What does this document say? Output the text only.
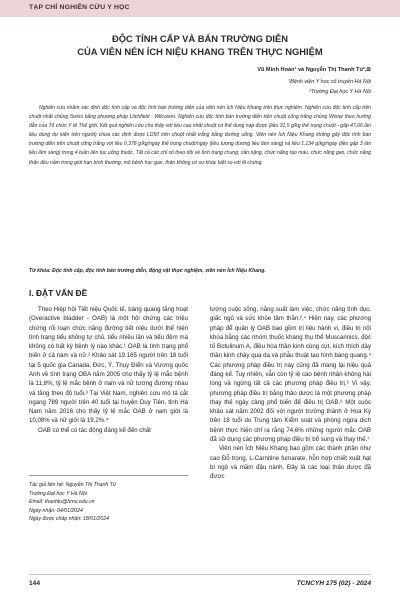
TẠP CHÍ NGHIÊN CỨU Y HỌC
ĐỘC TÍNH CẤP VÀ BÁN TRƯỜNG DIỄN
CỦA VIÊN NÉN ÍCH NIỆU KHANG TRÊN THỰC NGHIỆM
Vũ Minh Hoàn¹ và Nguyễn Thị Thanh Tú²,⊠
¹Bệnh viện Y học cổ truyền Hà Nội
²Trường Đại học Y Hà Nội

Nghiên cứu nhằm xác định độc tính cấp và độc tính bán trường diễn của viên nén Ích Niệu Khang trên thực nghiệm. Nghiên cứu độc tính cấp trên chuột nhắt chủng Swiss bằng phương pháp Litchfield - Wilcoxon. Nghiên cứu độc tính bán trường diễn trên chuột cống trắng chủng Wistar theo hướng dẫn của Tổ chức Y tế Thế giới. Kết quả nghiên cứu cho thấy với liều cao nhất chuột có thể dung nạp được (liều 31,5 g/kg thể trọng chuột - gấp 47,66 lần liều dùng dự kiến trên người) chưa xác định được LD50 trên chuột nhắt trắng bằng đường uống. Viên nén Ích Niệu Khang không gây độc tính bán trường diễn trên chuột cống trắng với liều 0,378 g/kg/ngày thể trọng chuột/ngày (liều tương đương liều lâm sàng) và liều 1,134 g/kg/ngày (liều gấp 3 lần liều lâm sàng) trong 4 tuần liên tục uống thuốc. Tất cả các chỉ số theo dõi về tình trạng chung, cân nặng, chức năng tạo máu, chức năng gan, chức năng thận đều nằm trong giới hạn bình thường, mô bệnh học gan, thận không có sự khác biệt so với lô chứng.

Từ khóa: Độc tính cấp, độc tính bán trường diễn, động vật thực nghiệm, viên nén Ích Niệu Khang.

I. ĐẶT VẤN ĐỀ

Theo Hiệp hội Tiết niệu Quốc tế, bàng quang tăng hoạt (Overactive bladder - OAB) là một hội chứng các triệu chứng rối loạn chức năng đường tiết niệu dưới thể hiện tình trạng tiểu không tự chủ, tiểu nhiều lần và tiểu đêm mà không có bất kỳ bệnh lý nào khác.¹ OAB là tình trạng phổ biến ở cả nam và nữ.² Khảo sát 19.165 người trên 18 tuổi tại 5 quốc gia Canada, Đức, Ý, Thụy Điển và Vương quốc Anh về tình trạng OBA năm 2005 cho thấy tỷ lệ mắc bệnh là 11,8%, tỷ lệ mắc bệnh ở nam và nữ tương đương nhau và tăng theo độ tuổi.³ Tại Việt Nam, nghiên cứu mô tả cắt ngang 789 người trên 40 tuổi tại huyện Duy Tiên, tỉnh Hà Nam năm 2016 cho thấy tỷ lệ mắc OAB ở nam giới là 10,08% và nữ giới là 19,2%.⁴

OAB có thể có tác động đáng kể đến chất

Tác giả liên hệ: Nguyễn Thị Thanh Tú
Trường Đại học Y Hà Nội
Email: thanhtu@hmu.edu.vn
Ngày nhận: 04/01/2024
Ngày được chấp nhận: 18/01/2024

lượng cuộc sống, năng suất làm việc, chức năng tình dục, giấc ngủ và sức khỏe tâm thần.²,⁴ Hiện nay, các phương pháp để quản lý OAB bao gồm trị liệu hành vi, điều trị nội khoa bằng các nhóm thuốc kháng thụ thể Muscarinics, độc tố Botulinum A, điều hòa thần kinh cùng cụt, kích thích dây thần kinh chày qua da và phẫu thuật tạo hình bàng quang.⁵ Các phương pháp điều trị này cũng đã mang lại hiệu quả đáng kể. Tuy nhiên, vẫn còn tỷ lệ cao bệnh nhân không hài lòng và ngừng tất cả các phương pháp điều trị.⁶ Vì vậy, phương pháp điều trị bằng thảo dược là một phương pháp thay thế ngày càng phổ biến để điều trị OAB.⁶ Một cuộc khảo sát năm 2002 đối với người trưởng thành ở Hoa Kỳ trên 18 tuổi do Trung tâm Kiểm soát và phòng ngừa dịch bệnh thực hiện chỉ ra rằng 74,6% những người mắc OAB đã sử dụng các phương pháp điều trị bổ sung và thay thế.⁷

Viên nén Ích Niệu Khang bao gồm các thành phần như cao Đỗ trọng, L-Carnitine fumarate, hỗn hợp chiết xuất hạt bí ngô và mầm đậu nành. Đây là các loại thảo dược đã được

144	TCNCYH 175 (02) - 2024
